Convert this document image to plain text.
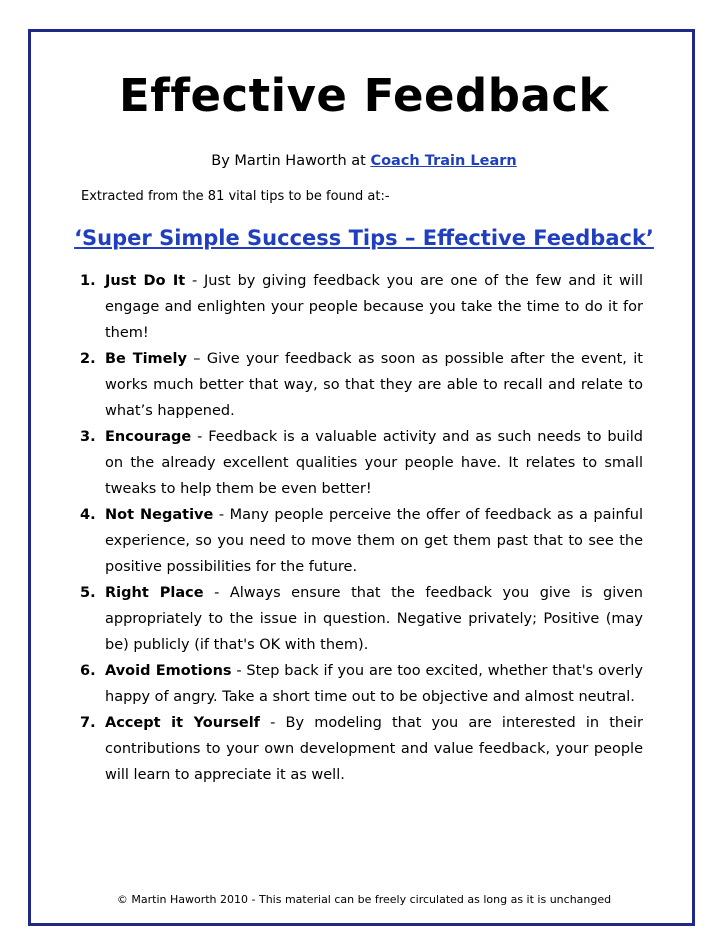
Effective Feedback
By Martin Haworth at Coach Train Learn
Extracted from the 81 vital tips to be found at:-
‘Super Simple Success Tips – Effective Feedback’
1. Just Do It - Just by giving feedback you are one of the few and it will engage and enlighten your people because you take the time to do it for them!
2. Be Timely – Give your feedback as soon as possible after the event, it works much better that way, so that they are able to recall and relate to what’s happened.
3. Encourage - Feedback is a valuable activity and as such needs to build on the already excellent qualities your people have. It relates to small tweaks to help them be even better!
4. Not Negative - Many people perceive the offer of feedback as a painful experience, so you need to move them on get them past that to see the positive possibilities for the future.
5. Right Place - Always ensure that the feedback you give is given appropriately to the issue in question. Negative privately; Positive (may be) publicly (if that's OK with them).
6. Avoid Emotions - Step back if you are too excited, whether that's overly happy of angry. Take a short time out to be objective and almost neutral.
7. Accept it Yourself - By modeling that you are interested in their contributions to your own development and value feedback, your people will learn to appreciate it as well.
© Martin Haworth 2010 - This material can be freely circulated as long as it is unchanged
